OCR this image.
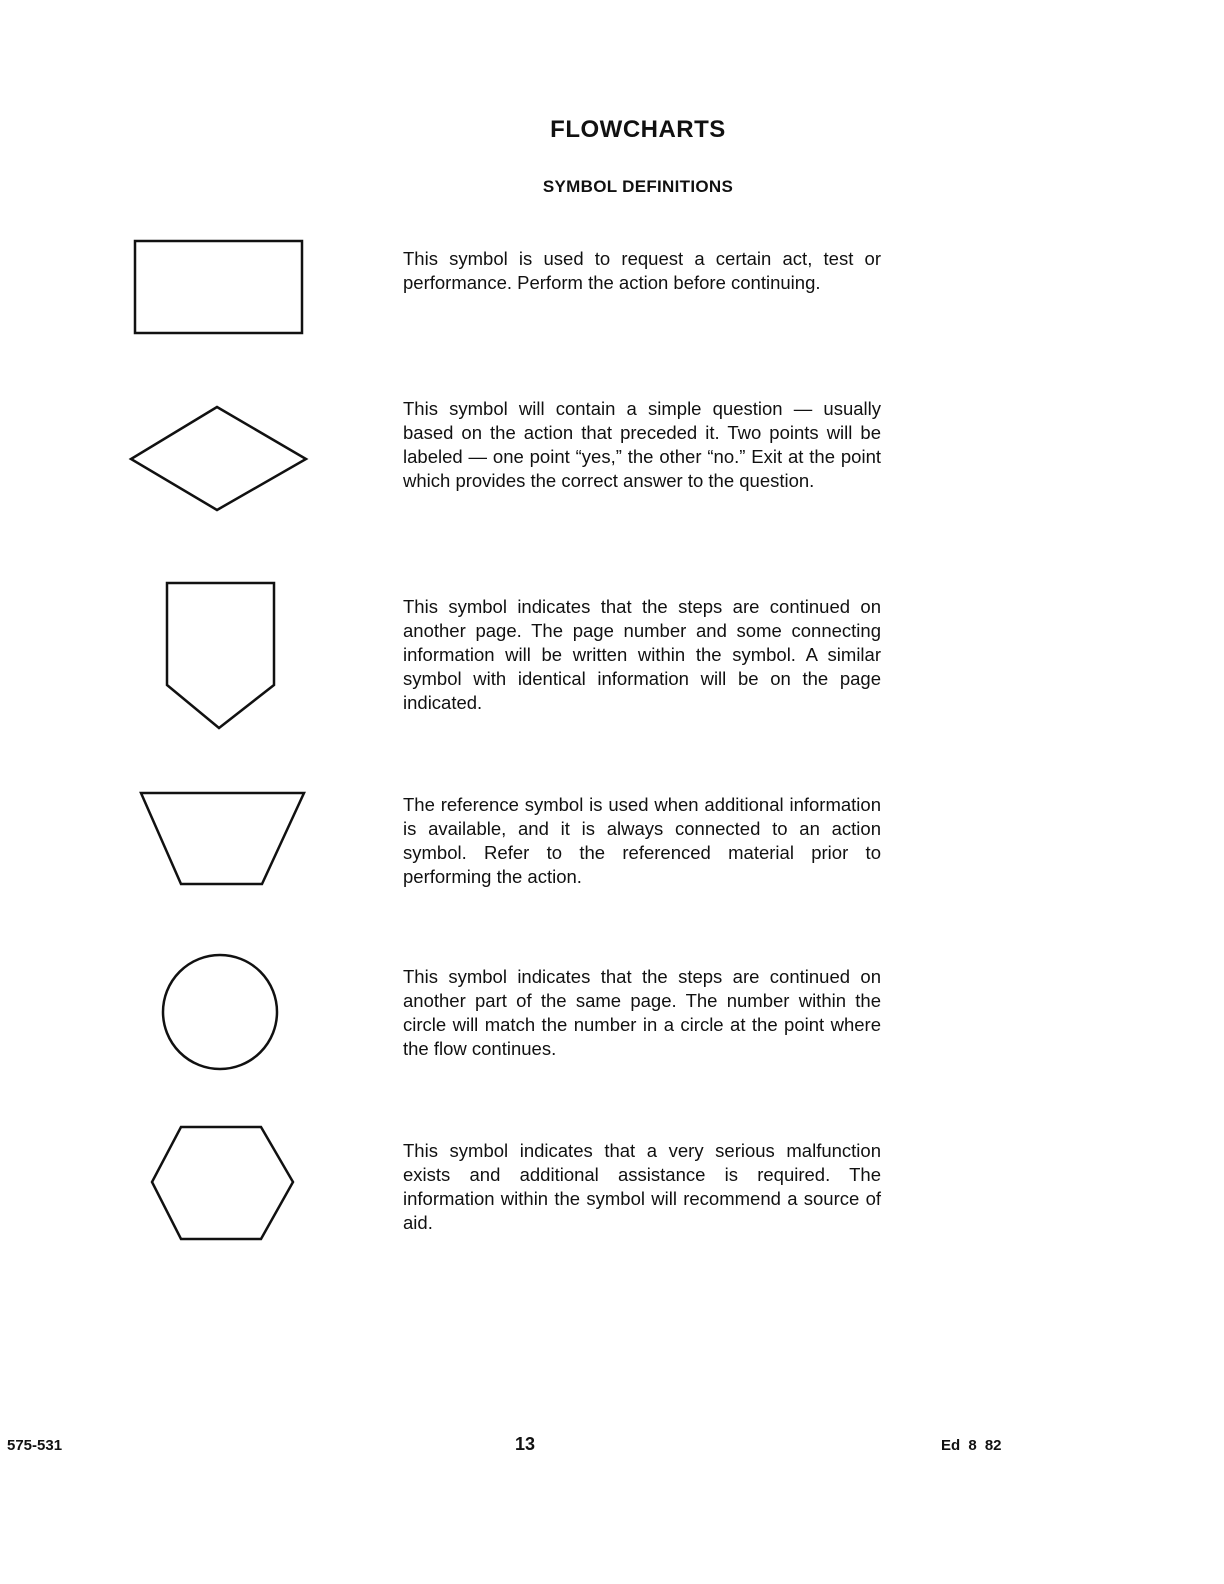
FLOWCHARTS
SYMBOL DEFINITIONS
This symbol is used to request a certain act, test or performance. Perform the action before continuing.
This symbol will contain a simple question — usually based on the action that preceded it. Two points will be labeled — one point “yes,” the other “no.” Exit at the point which provides the correct answer to the question.
This symbol indicates that the steps are continued on another page. The page number and some connecting information will be written within the symbol. A similar symbol with identical information will be on the page indicated.
The reference symbol is used when additional information is available, and it is always connected to an action symbol. Refer to the referenced material prior to performing the action.
This symbol indicates that the steps are continued on another part of the same page. The number within the circle will match the number in a circle at the point where the flow continues.
This symbol indicates that a very serious malfunction exists and additional assistance is required. The information within the symbol will recommend a source of aid.
575-531	13	Ed 8 82
